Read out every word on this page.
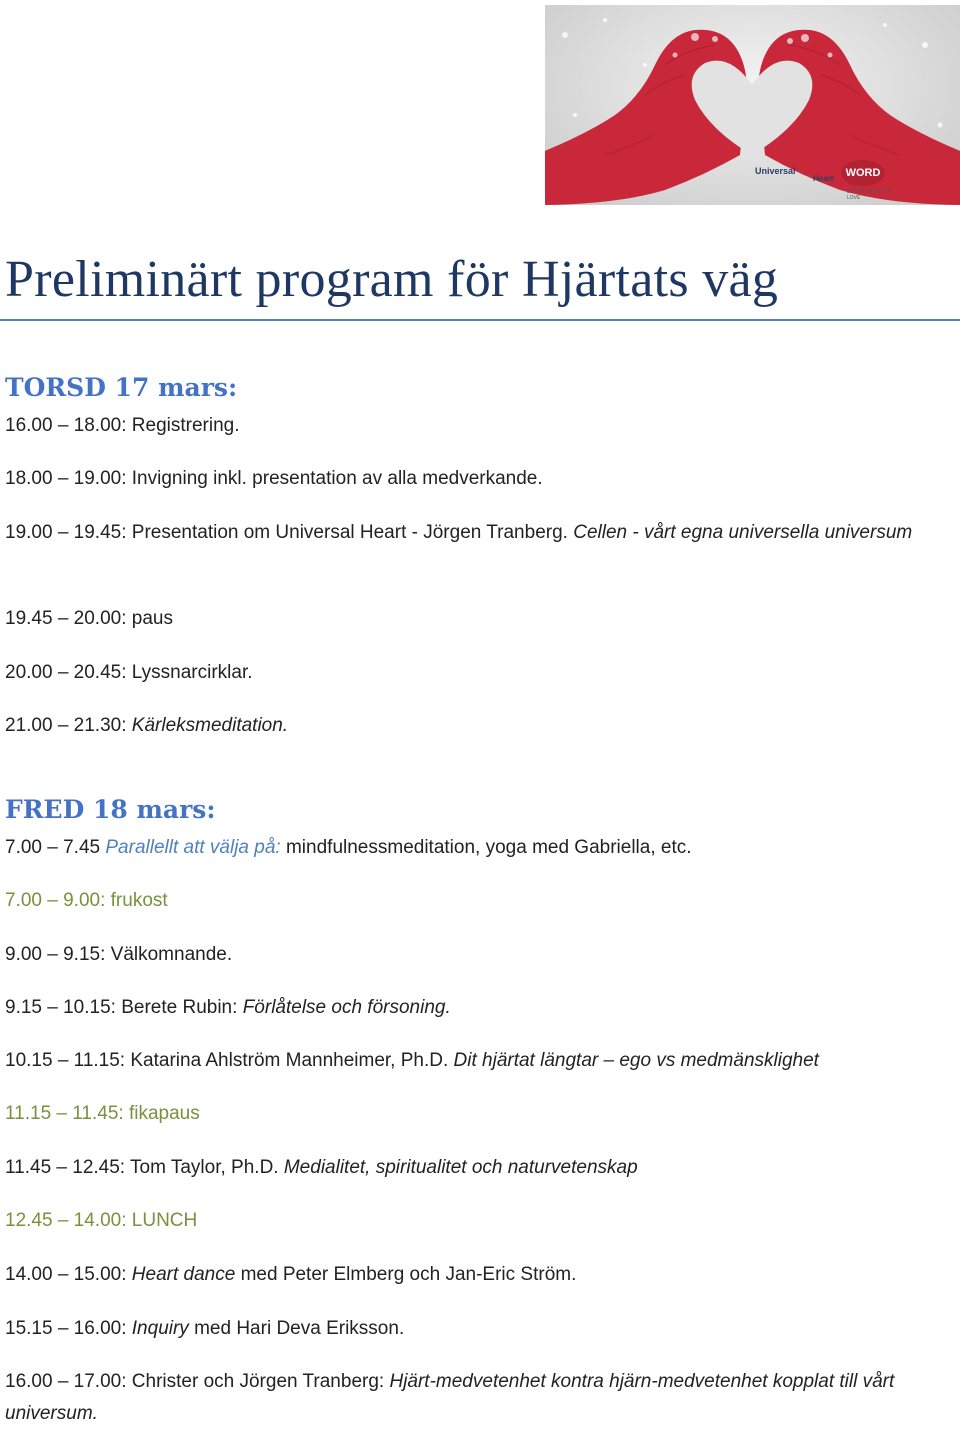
Universal
Heart	WORD
BY THE SPIRIT OF LOVE
Preliminärt program för Hjärtats väg
TORSD 17 mars:

16.00 – 18.00: Registrering.

18.00 – 19.00: Invigning inkl. presentation av alla medverkande.

19.00 – 19.45: Presentation om Universal Heart - Jörgen Tranberg. Cellen - vårt egna universella universum

19.45 – 20.00: paus

20.00 – 20.45: Lyssnarcirklar.

21.00 – 21.30: Kärleksmeditation.

FRED 18 mars:

7.00 – 7.45 Parallellt att välja på: mindfulnessmeditation, yoga med Gabriella, etc.

7.00 – 9.00: frukost

9.00 – 9.15: Välkomnande.

9.15 – 10.15: Berete Rubin: Förlåtelse och försoning.

10.15 – 11.15: Katarina Ahlström Mannheimer, Ph.D. Dit hjärtat längtar – ego vs medmänsklighet

11.15 – 11.45: fikapaus

11.45 – 12.45: Tom Taylor, Ph.D. Medialitet, spiritualitet och naturvetenskap

12.45 – 14.00: LUNCH

14.00 – 15.00: Heart dance med Peter Elmberg och Jan-Eric Ström.

15.15 – 16.00: Inquiry med Hari Deva Eriksson.

16.00 – 17.00: Christer och Jörgen Tranberg: Hjärt-medvetenhet kontra hjärn-medvetenhet kopplat till vårt universum.
